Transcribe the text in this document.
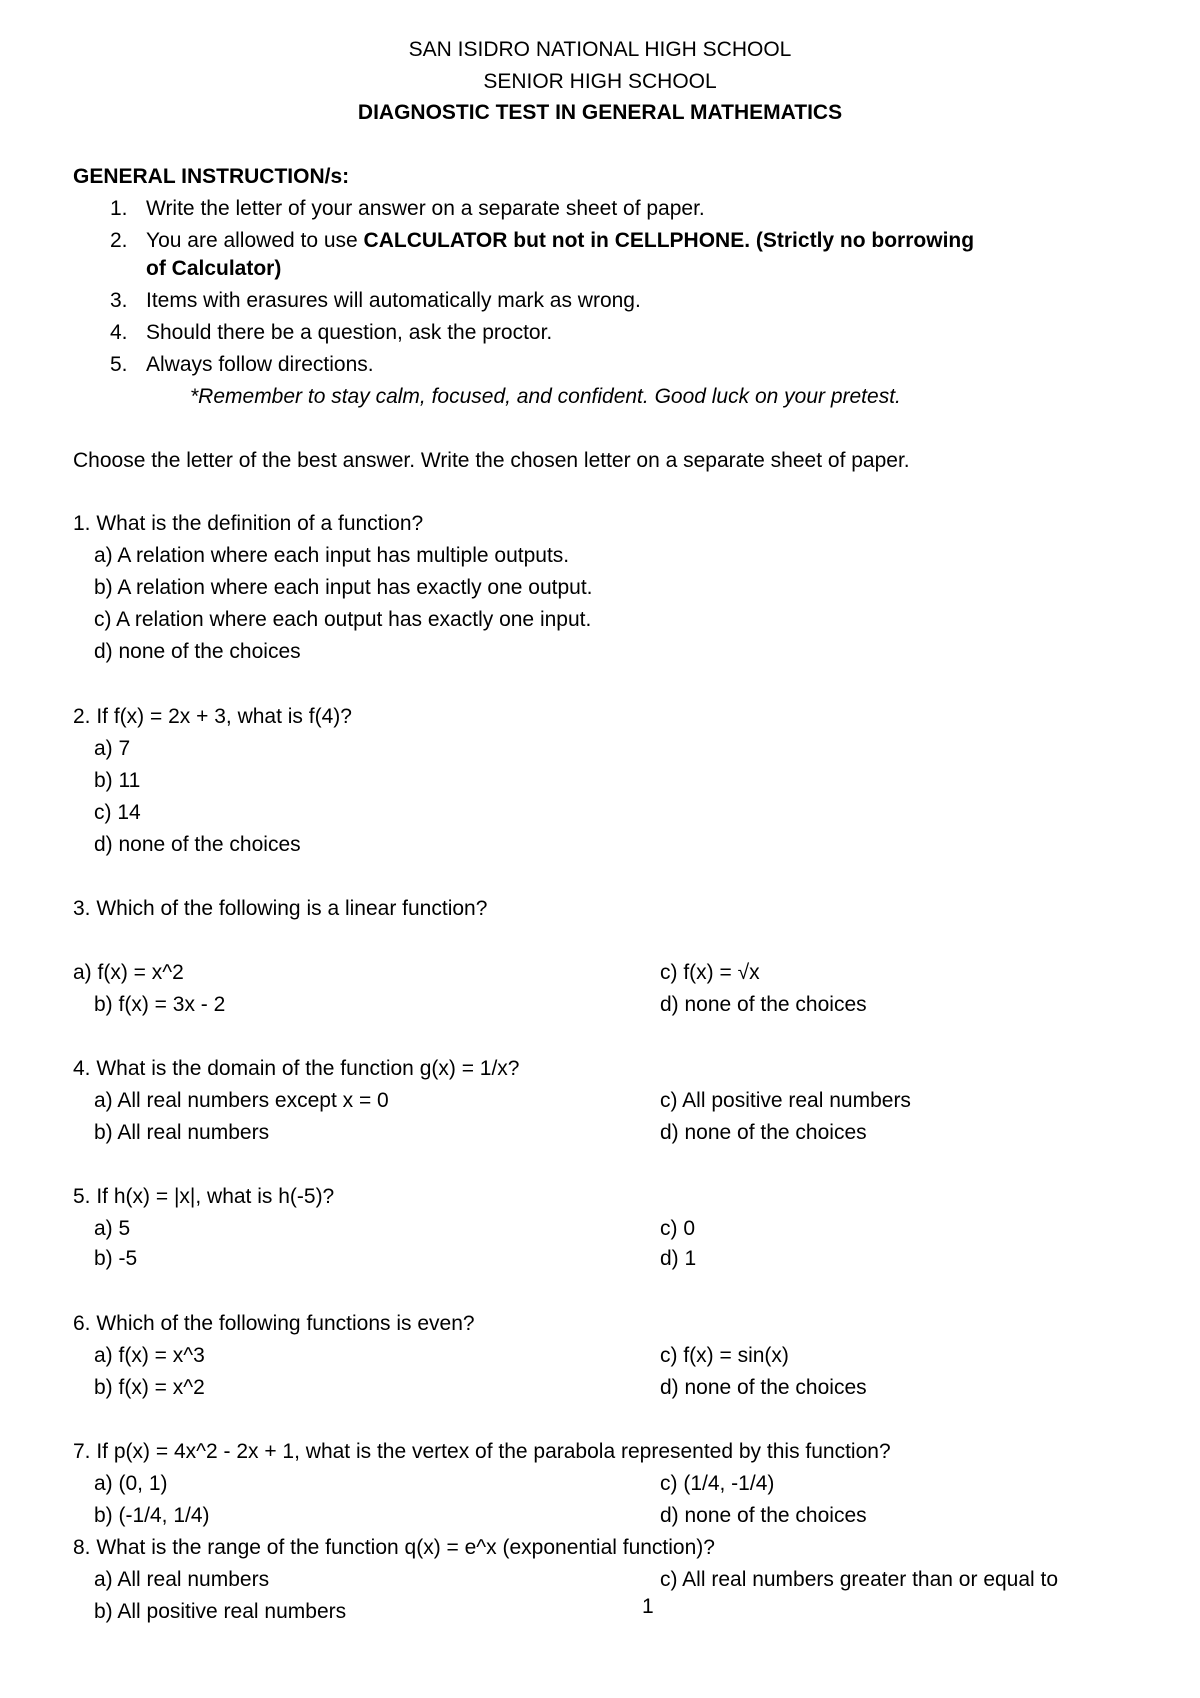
SAN ISIDRO NATIONAL HIGH SCHOOL
SENIOR HIGH SCHOOL
DIAGNOSTIC TEST IN GENERAL MATHEMATICS
GENERAL INSTRUCTION/s:
1. Write the letter of your answer on a separate sheet of paper.
2. You are allowed to use CALCULATOR but not in CELLPHONE. (Strictly no borrowing
of Calculator)
3. Items with erasures will automatically mark as wrong.
4. Should there be a question, ask the proctor.
5. Always follow directions.
*Remember to stay calm, focused, and confident. Good luck on your pretest.
Choose the letter of the best answer. Write the chosen letter on a separate sheet of paper.
1. What is the definition of a function?
a) A relation where each input has multiple outputs.
b) A relation where each input has exactly one output.
c) A relation where each output has exactly one input.
d) none of the choices
2. If f(x) = 2x + 3, what is f(4)?
a) 7
b) 11
c) 14
d) none of the choices
3. Which of the following is a linear function?
a) f(x) = x^2	c) f(x) = √x
b) f(x) = 3x - 2	d) none of the choices
4. What is the domain of the function g(x) = 1/x?
a) All real numbers except x = 0	c) All positive real numbers
b) All real numbers	d) none of the choices
5. If h(x) = |x|, what is h(-5)?
a) 5	c) 0
b) -5	d) 1
6. Which of the following functions is even?
a) f(x) = x^3	c) f(x) = sin(x)
b) f(x) = x^2	d) none of the choices
7. If p(x) = 4x^2 - 2x + 1, what is the vertex of the parabola represented by this function?
a) (0, 1)	c) (1/4, -1/4)
b) (-1/4, 1/4)	d) none of the choices
8. What is the range of the function q(x) = e^x (exponential function)?
a) All real numbers	c) All real numbers greater than or equal to
b) All positive real numbers	1
